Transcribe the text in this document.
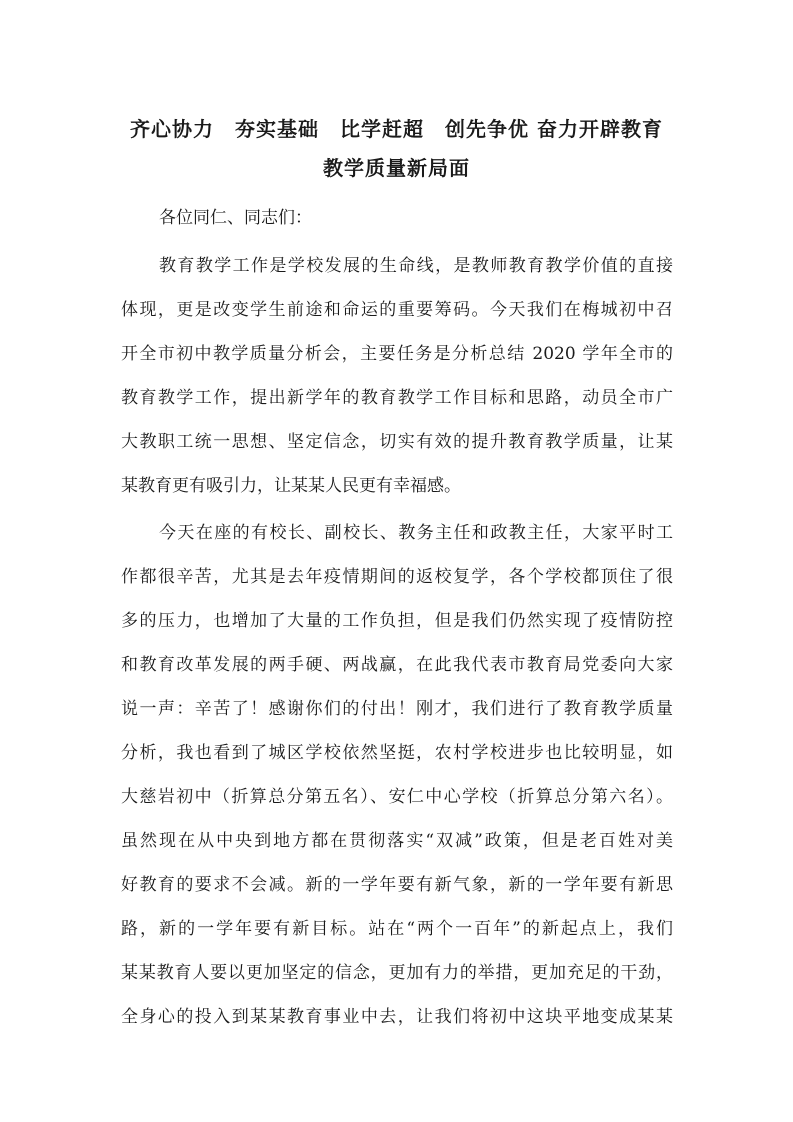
齐心协力　夯实基础　比学赶超　创先争优 奋力开辟教育
教学质量新局面
各位同仁、同志们：
教育教学工作是学校发展的生命线，是教师教育教学价值的直接
体现，更是改变学生前途和命运的重要筹码。今天我们在梅城初中召
开全市初中教学质量分析会，主要任务是分析总结 2020 学年全市的
教育教学工作，提出新学年的教育教学工作目标和思路，动员全市广
大教职工统一思想、坚定信念，切实有效的提升教育教学质量，让某
某教育更有吸引力，让某某人民更有幸福感。
今天在座的有校长、副校长、教务主任和政教主任，大家平时工
作都很辛苦，尤其是去年疫情期间的返校复学，各个学校都顶住了很
多的压力，也增加了大量的工作负担，但是我们仍然实现了疫情防控
和教育改革发展的两手硬、两战赢，在此我代表市教育局党委向大家
说一声：辛苦了！感谢你们的付出！刚才，我们进行了教育教学质量
分析，我也看到了城区学校依然坚挺，农村学校进步也比较明显，如
大慈岩初中（折算总分第五名）、安仁中心学校（折算总分第六名）。
虽然现在从中央到地方都在贯彻落实“双减”政策，但是老百姓对美
好教育的要求不会减。新的一学年要有新气象，新的一学年要有新思
路，新的一学年要有新目标。站在“两个一百年”的新起点上，我们
某某教育人要以更加坚定的信念，更加有力的举措，更加充足的干劲，
全身心的投入到某某教育事业中去，让我们将初中这块平地变成某某
